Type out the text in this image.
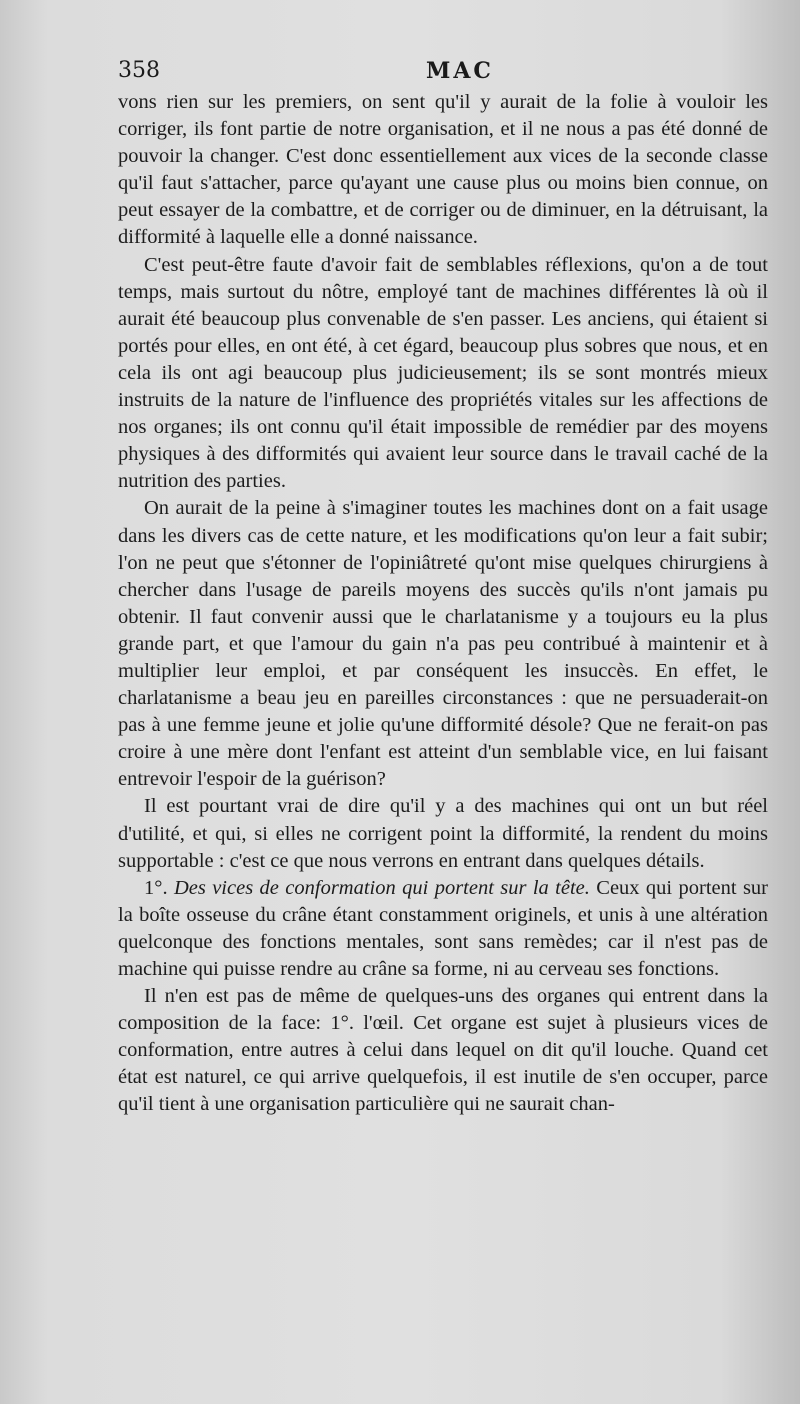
358	MAC

vons rien sur les premiers, on sent qu'il y aurait de la folie à vouloir les corriger, ils font partie de notre organisation, et il ne nous a pas été donné de pouvoir la changer. C'est donc essentiellement aux vices de la seconde classe qu'il faut s'attacher, parce qu'ayant une cause plus ou moins bien connue, on peut essayer de la combattre, et de corriger ou de diminuer, en la détruisant, la difformité à laquelle elle a donné naissance.

C'est peut-être faute d'avoir fait de semblables réflexions, qu'on a de tout temps, mais surtout du nôtre, employé tant de machines différentes là où il aurait été beaucoup plus convenable de s'en passer. Les anciens, qui étaient si portés pour elles, en ont été, à cet égard, beaucoup plus sobres que nous, et en cela ils ont agi beaucoup plus judicieusement; ils se sont montrés mieux instruits de la nature de l'influence des propriétés vitales sur les affections de nos organes; ils ont connu qu'il était impossible de remédier par des moyens physiques à des difformités qui avaient leur source dans le travail caché de la nutrition des parties.

On aurait de la peine à s'imaginer toutes les machines dont on a fait usage dans les divers cas de cette nature, et les modifications qu'on leur a fait subir; l'on ne peut que s'étonner de l'opiniâtreté qu'ont mise quelques chirurgiens à chercher dans l'usage de pareils moyens des succès qu'ils n'ont jamais pu obtenir. Il faut convenir aussi que le charlatanisme y a toujours eu la plus grande part, et que l'amour du gain n'a pas peu contribué à maintenir et à multiplier leur emploi, et par conséquent les insuccès. En effet, le charlatanisme a beau jeu en pareilles circonstances : que ne persuaderait-on pas à une femme jeune et jolie qu'une difformité désole? Que ne ferait-on pas croire à une mère dont l'enfant est atteint d'un semblable vice, en lui faisant entrevoir l'espoir de la guérison?

Il est pourtant vrai de dire qu'il y a des machines qui ont un but réel d'utilité, et qui, si elles ne corrigent point la difformité, la rendent du moins supportable : c'est ce que nous verrons en entrant dans quelques détails.

1°. Des vices de conformation qui portent sur la tête. Ceux qui portent sur la boîte osseuse du crâne étant constamment originels, et unis à une altération quelconque des fonctions mentales, sont sans remèdes; car il n'est pas de machine qui puisse rendre au crâne sa forme, ni au cerveau ses fonctions.

Il n'en est pas de même de quelques-uns des organes qui entrent dans la composition de la face: 1°. l'œil. Cet organe est sujet à plusieurs vices de conformation, entre autres à celui dans lequel on dit qu'il louche. Quand cet état est naturel, ce qui arrive quelquefois, il est inutile de s'en occuper, parce qu'il tient à une organisation particulière qui ne saurait chan-
